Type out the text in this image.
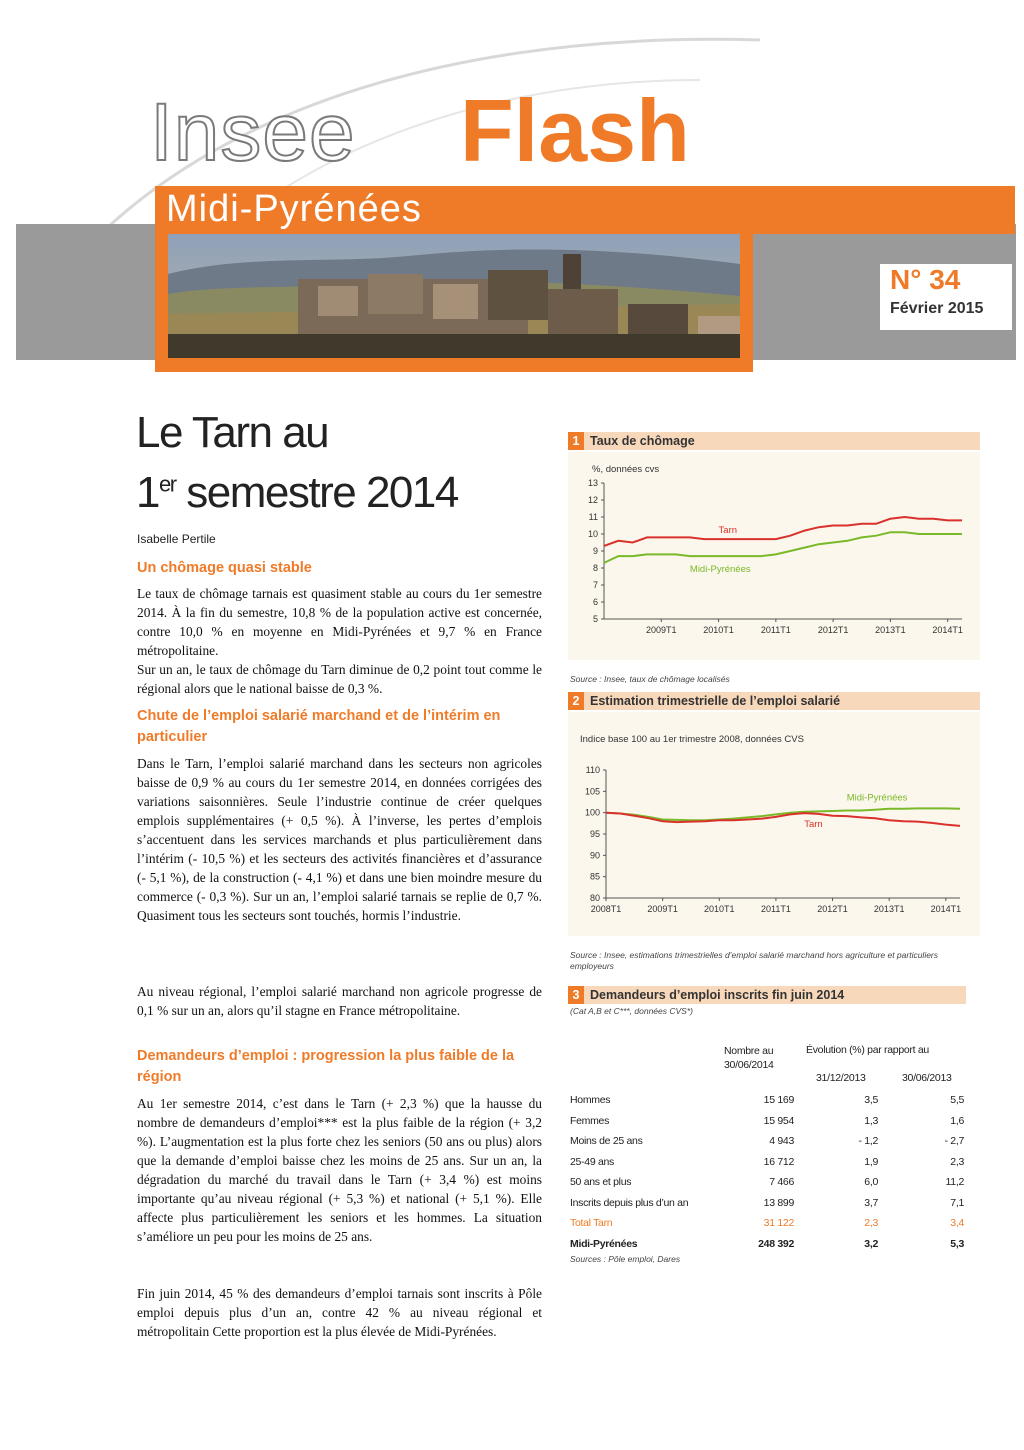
Insee Flash
Midi-Pyrénées
N° 34
Février 2015
Le Tarn au
1er semestre 2014
Isabelle Pertile
Un chômage quasi stable
Le taux de chômage tarnais est quasiment stable au cours du 1er semestre 2014. À la fin du semestre, 10,8 % de la population active est concernée, contre 10,0 % en moyenne en Midi-Pyrénées et 9,7 % en France métropolitaine.
Sur un an, le taux de chômage du Tarn diminue de 0,2 point tout comme le régional alors que le national baisse de 0,3 %.
Chute de l’emploi salarié marchand et de l’intérim en particulier
Dans le Tarn, l’emploi salarié marchand dans les secteurs non agricoles baisse de 0,9 % au cours du 1er semestre 2014, en données corrigées des variations saisonnières. Seule l’industrie continue de créer quelques emplois supplémentaires (+ 0,5 %). À l’inverse, les pertes d’emplois s’accentuent dans les services marchands et plus particulièrement dans l’intérim (- 10,5 %) et les secteurs des activités financières et d’assurance (- 5,1 %), de la construction (- 4,1 %) et dans une bien moindre mesure du commerce (- 0,3 %). Sur un an, l’emploi salarié tarnais se replie de 0,7 %. Quasiment tous les secteurs sont touchés, hormis l’industrie.
Au niveau régional, l’emploi salarié marchand non agricole progresse de 0,1 % sur un an, alors qu’il stagne en France métropolitaine.
Demandeurs d’emploi : progression la plus faible de la région
Au 1er semestre 2014, c’est dans le Tarn (+ 2,3 %) que la hausse du nombre de demandeurs d’emploi*** est la plus faible de la région (+ 3,2 %). L’augmentation est la plus forte chez les seniors (50 ans ou plus) alors que la demande d’emploi baisse chez les moins de 25 ans. Sur un an, la dégradation du marché du travail dans le Tarn (+ 3,4 %) est moins importante qu’au niveau régional (+ 5,3 %) et national (+ 5,1 %). Elle affecte plus particulièrement les seniors et les hommes. La situation s’améliore un peu pour les moins de 25 ans.
Fin juin 2014, 45 % des demandeurs d’emploi tarnais sont inscrits à Pôle emploi depuis plus d’un an, contre 42 % au niveau régional et métropolitain Cette proportion est la plus élevée de Midi-Pyrénées.
1 Taux de chômage
%, données cvs
13
12
11
10
9
8
7
6
5
2009T1	2010T1	2011T1	2012T1	2013T1	2014T1
Tarn
Midi-Pyrénées
Source : Insee, taux de chômage localisés
2 Estimation trimestrielle de l’emploi salarié
Indice base 100 au 1er trimestre 2008, données CVS
110
105
100
95
90
85
80
2008T1	2009T1	2010T1	2011T1	2012T1	2013T1	2014T1
Midi-Pyrénées
Tarn
Source : Insee, estimations trimestrielles d’emploi salarié marchand hors agriculture et particuliers employeurs
3 Demandeurs d’emploi inscrits fin juin 2014
(Cat A,B et C***, données CVS*)
Nombre au 30/06/2014
Évolution (%) par rapport au
31/12/2013	30/06/2013
Hommes	15 169	3,5	5,5
Femmes	15 954	1,3	1,6
Moins de 25 ans	4 943	- 1,2	- 2,7
25-49 ans	16 712	1,9	2,3
50 ans et plus	7 466	6,0	11,2
Inscrits depuis plus d’un an	13 899	3,7	7,1
Total Tarn	31 122	2,3	3,4
Midi-Pyrénées	248 392	3,2	5,3
Sources : Pôle emploi, Dares
